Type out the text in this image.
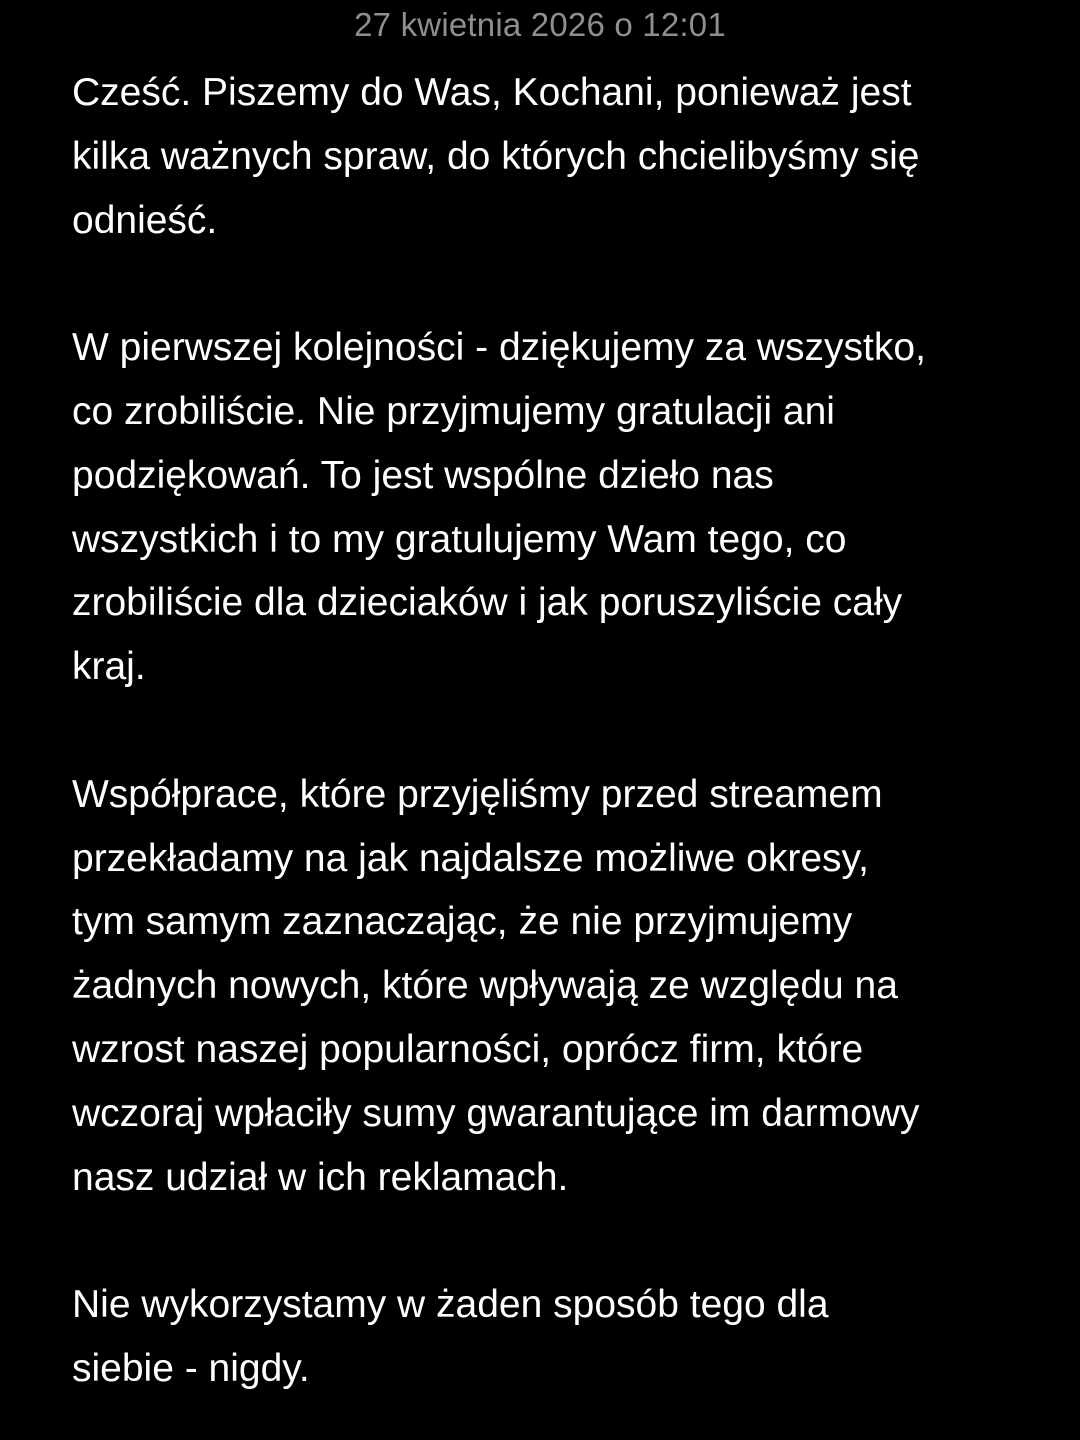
27 kwietnia 2026 o 12:01
Cześć. Piszemy do Was, Kochani, ponieważ jest
kilka ważnych spraw, do których chcielibyśmy się
odnieść.
W pierwszej kolejności - dziękujemy za wszystko,
co zrobiliście. Nie przyjmujemy gratulacji ani
podziękowań. To jest wspólne dzieło nas
wszystkich i to my gratulujemy Wam tego, co
zrobiliście dla dzieciaków i jak poruszyliście cały
kraj.
Współprace, które przyjęliśmy przed streamem
przekładamy na jak najdalsze możliwe okresy,
tym samym zaznaczając, że nie przyjmujemy
żadnych nowych, które wpływają ze względu na
wzrost naszej popularności, oprócz firm, które
wczoraj wpłaciły sumy gwarantujące im darmowy
nasz udział w ich reklamach.
Nie wykorzystamy w żaden sposób tego dla
siebie - nigdy.
